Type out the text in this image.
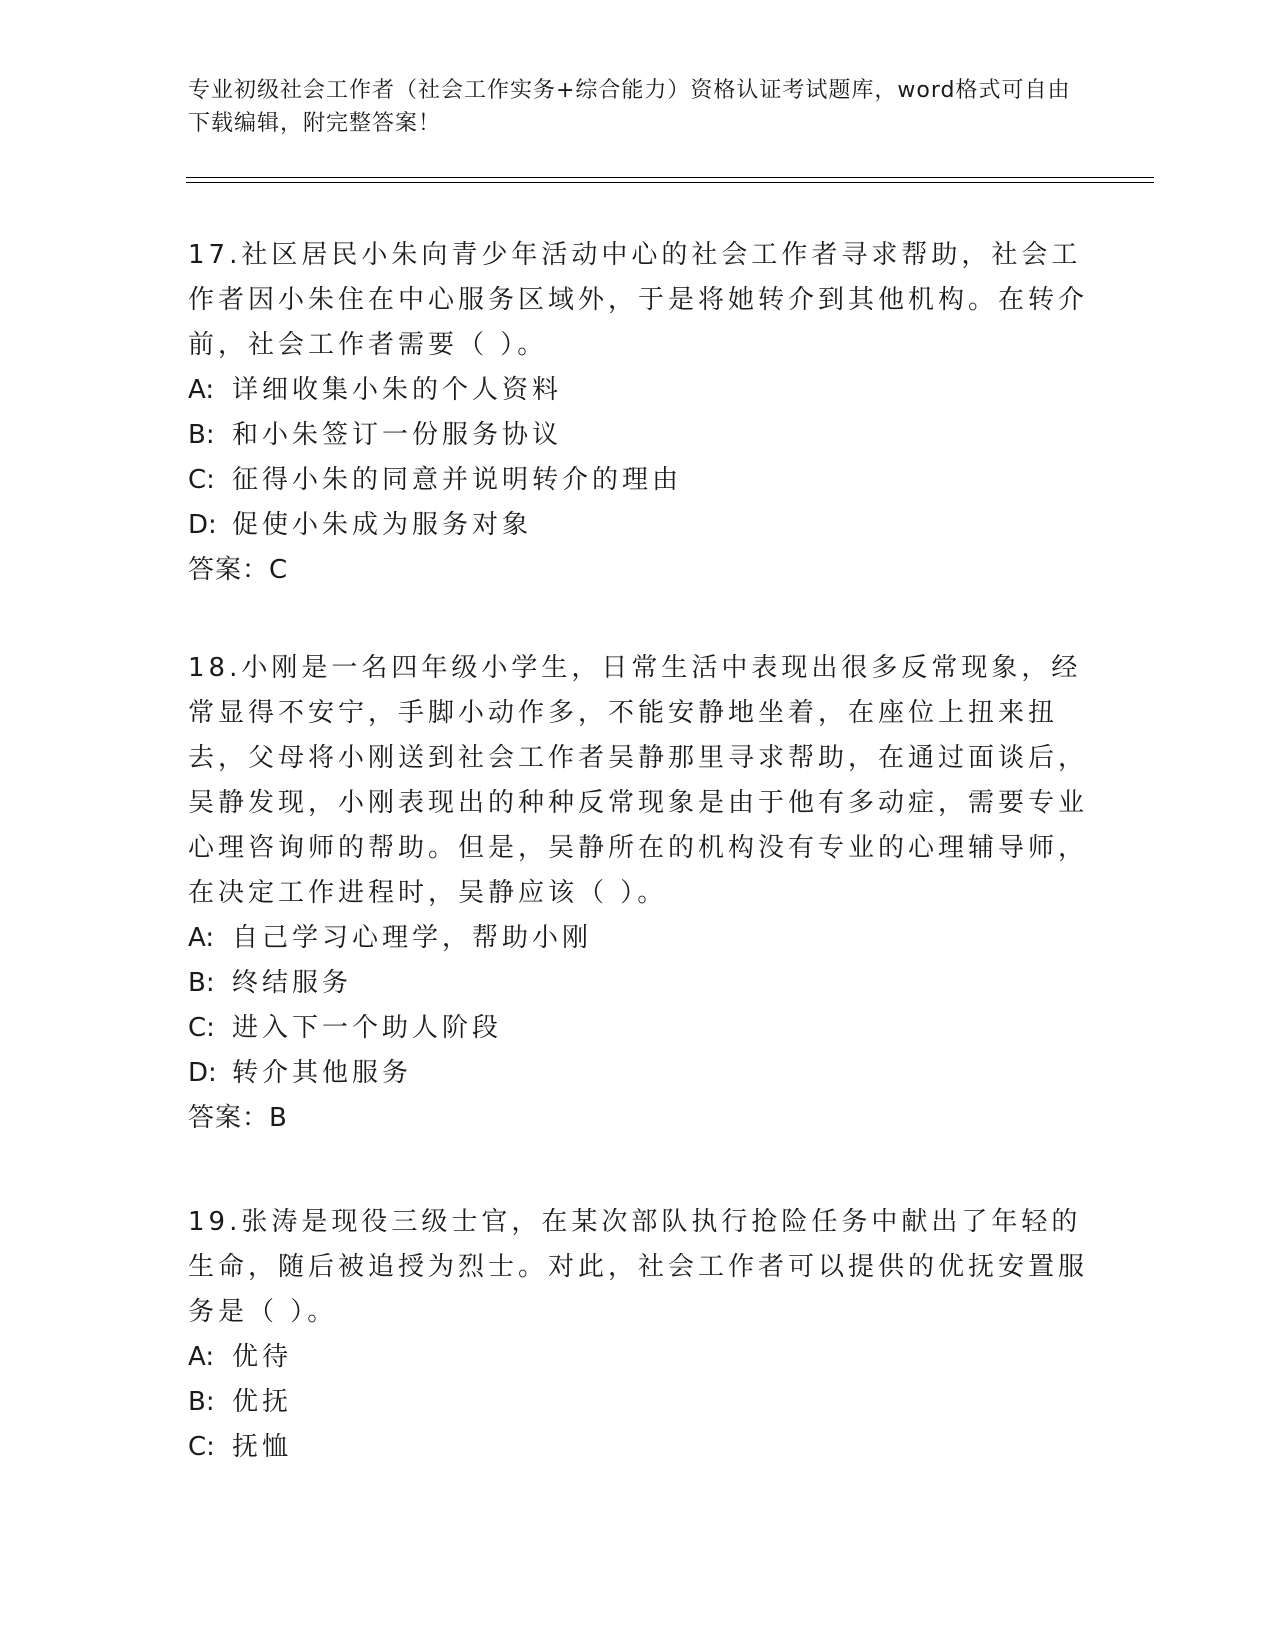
专业初级社会工作者（社会工作实务+综合能力）资格认证考试题库，word格式可自由下载编辑，附完整答案！

17.社区居民小朱向青少年活动中心的社会工作者寻求帮助，社会工作者因小朱住在中心服务区域外，于是将她转介到其他机构。在转介前，社会工作者需要（ ）。

A: 详细收集小朱的个人资料

B: 和小朱签订一份服务协议

C: 征得小朱的同意并说明转介的理由

D: 促使小朱成为服务对象

答案：C

18.小刚是一名四年级小学生，日常生活中表现出很多反常现象，经常显得不安宁，手脚小动作多，不能安静地坐着，在座位上扭来扭去，父母将小刚送到社会工作者吴静那里寻求帮助，在通过面谈后，吴静发现，小刚表现出的种种反常现象是由于他有多动症，需要专业心理咨询师的帮助。但是，吴静所在的机构没有专业的心理辅导师，在决定工作进程时，吴静应该（ ）。

A: 自己学习心理学，帮助小刚

B: 终结服务

C: 进入下一个助人阶段

D: 转介其他服务

答案：B

19.张涛是现役三级士官，在某次部队执行抢险任务中献出了年轻的生命，随后被追授为烈士。对此，社会工作者可以提供的优抚安置服务是（ ）。

A: 优待

B: 优抚

C: 抚恤
